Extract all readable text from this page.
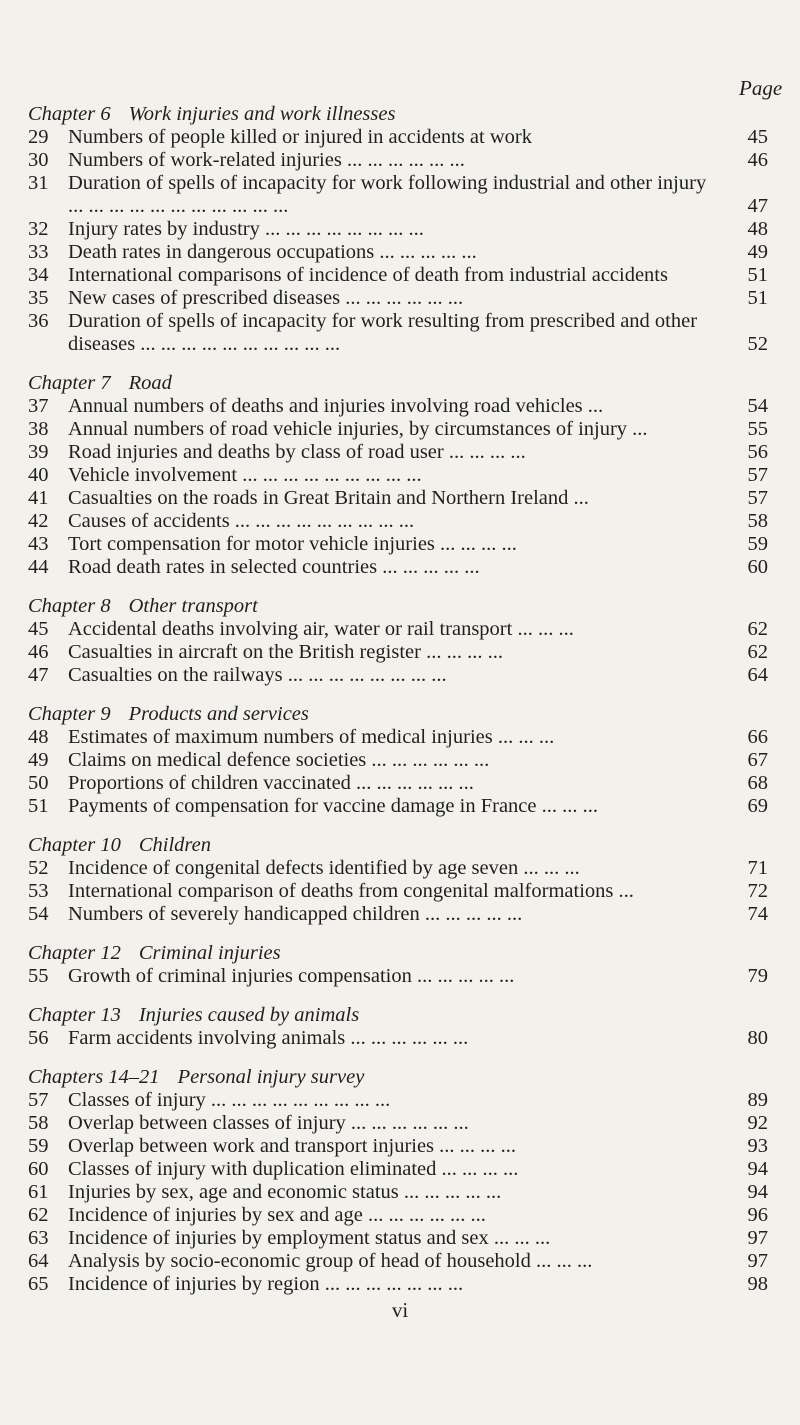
Page
Chapter 6 Work injuries and work illnesses
29 Numbers of people killed or injured in accidents at work	45
30 Numbers of work-related injuries ... ... ... ... ... ...	46
31 Duration of spells of incapacity for work following industrial and other injury ... ... ... ... ... ... ... ... ... ... ...	47
32 Injury rates by industry ... ... ... ... ... ... ... ...	48
33 Death rates in dangerous occupations ... ... ... ... ...	49
34 International comparisons of incidence of death from industrial accidents	51
35 New cases of prescribed diseases ... ... ... ... ... ...	51
36 Duration of spells of incapacity for work resulting from prescribed and other diseases ... ... ... ... ... ... ... ... ... ...	52
Chapter 7 Road
37 Annual numbers of deaths and injuries involving road vehicles ...	54
38 Annual numbers of road vehicle injuries, by circumstances of injury ...	55
39 Road injuries and deaths by class of road user ... ... ... ...	56
40 Vehicle involvement ... ... ... ... ... ... ... ... ...	57
41 Casualties on the roads in Great Britain and Northern Ireland ...	57
42 Causes of accidents ... ... ... ... ... ... ... ... ...	58
43 Tort compensation for motor vehicle injuries ... ... ... ...	59
44 Road death rates in selected countries ... ... ... ... ...	60
Chapter 8 Other transport
45 Accidental deaths involving air, water or rail transport ... ... ...	62
46 Casualties in aircraft on the British register ... ... ... ...	62
47 Casualties on the railways ... ... ... ... ... ... ... ...	64
Chapter 9 Products and services
48 Estimates of maximum numbers of medical injuries ... ... ...	66
49 Claims on medical defence societies ... ... ... ... ... ...	67
50 Proportions of children vaccinated ... ... ... ... ... ...	68
51 Payments of compensation for vaccine damage in France ... ... ...	69
Chapter 10 Children
52 Incidence of congenital defects identified by age seven ... ... ...	71
53 International comparison of deaths from congenital malformations ...	72
54 Numbers of severely handicapped children ... ... ... ... ...	74
Chapter 12 Criminal injuries
55 Growth of criminal injuries compensation ... ... ... ... ...	79
Chapter 13 Injuries caused by animals
56 Farm accidents involving animals ... ... ... ... ... ...	80
Chapters 14–21 Personal injury survey
57 Classes of injury ... ... ... ... ... ... ... ... ...	89
58 Overlap between classes of injury ... ... ... ... ... ...	92
59 Overlap between work and transport injuries ... ... ... ...	93
60 Classes of injury with duplication eliminated ... ... ... ...	94
61 Injuries by sex, age and economic status ... ... ... ... ...	94
62 Incidence of injuries by sex and age ... ... ... ... ... ...	96
63 Incidence of injuries by employment status and sex ... ... ...	97
64 Analysis by socio-economic group of head of household ... ... ...	97
65 Incidence of injuries by region ... ... ... ... ... ... ...	98
vi
